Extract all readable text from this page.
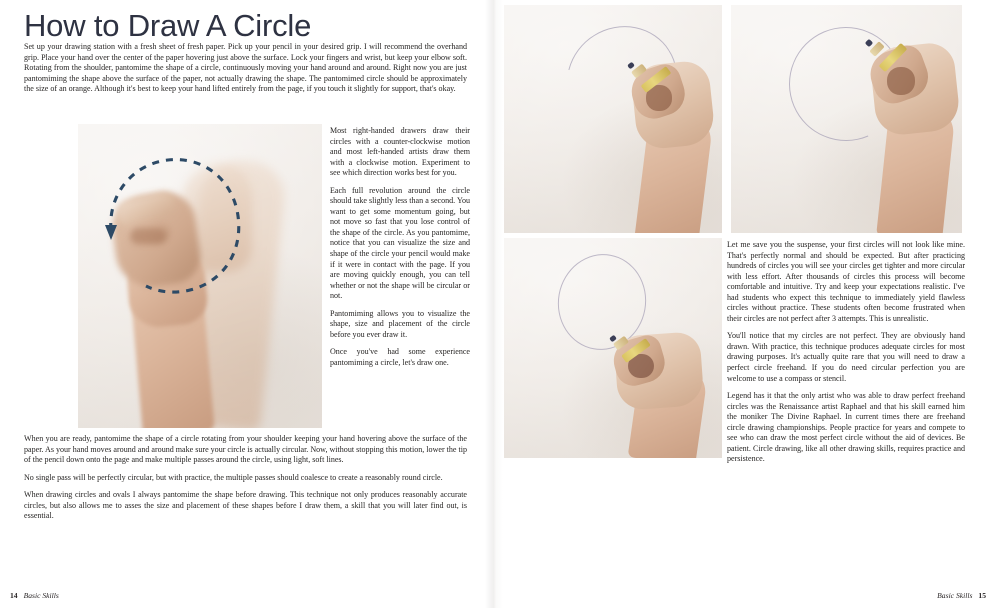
How to Draw A Circle

Set up your drawing station with a fresh sheet of fresh paper. Pick up your pencil in your desired grip. I will recommend the overhand grip. Place your hand over the center of the paper hovering just above the surface. Lock your fingers and wrist, but keep your elbow soft. Rotating from the shoulder, pantomime the shape of a circle, continuously moving your hand around and around. Right now you are just pantomiming the shape above the surface of the paper, not actually drawing the shape. The pantomimed circle should be approximately the size of an orange. Although it's best to keep your hand lifted entirely from the page, if you touch it slightly for support, that's okay.

Most right-handed drawers draw their circles with a counter-clockwise motion and most left-handed artists draw them with a clockwise motion. Experiment to see which direction works best for you.

Each full revolution around the circle should take slightly less than a second. You want to get some momentum going, but not move so fast that you lose control of the shape of the circle. As you pantomime, notice that you can visualize the size and shape of the circle your pencil would make if it were in contact with the page. If you are moving quickly enough, you can tell whether or not the shape will be circular or not.

Pantomiming allows you to visualize the shape, size and placement of the circle before you ever draw it.

Once you've had some experience pantomiming a circle, let's draw one.

When you are ready, pantomime the shape of a circle rotating from your shoulder keeping your hand hovering above the surface of the paper. As your hand moves around and around make sure your circle is actually circular. Now, without stopping this motion, lower the tip of the pencil down onto the page and make multiple passes around the circle, using light, soft lines.

No single pass will be perfectly circular, but with practice, the multiple passes should coalesce to create a reasonably round circle.

When drawing circles and ovals I always pantomime the shape before drawing. This technique not only produces reasonably accurate circles, but also allows me to asses the size and placement of these shapes before I draw them, a skill that you will later find out, is essential.

14 Basic Skills

Let me save you the suspense, your first circles will not look like mine. That's perfectly normal and should be expected. But after practicing hundreds of circles you will see your circles get tighter and more circular with less effort. After thousands of circles this process will become comfortable and intuitive. Try and keep your expectations realistic. I've had students who expect this technique to immediately yield flawless circles without practice. These students often become frustrated when their circles are not perfect after 3 attempts. This is unrealistic.

You'll notice that my circles are not perfect. They are obviously hand drawn. With practice, this technique produces adequate circles for most drawing purposes. It's actually quite rare that you will need to draw a perfect circle freehand. If you do need circular perfection you are welcome to use a compass or stencil.

Legend has it that the only artist who was able to draw perfect freehand circles was the Renaissance artist Raphael and that his skill earned him the moniker The Divine Raphael. In current times there are freehand circle drawing championships. People practice for years and compete to see who can draw the most perfect circle without the aid of devices. Be patient. Circle drawing, like all other drawing skills, requires practice and persistence.

Basic Skills 15
